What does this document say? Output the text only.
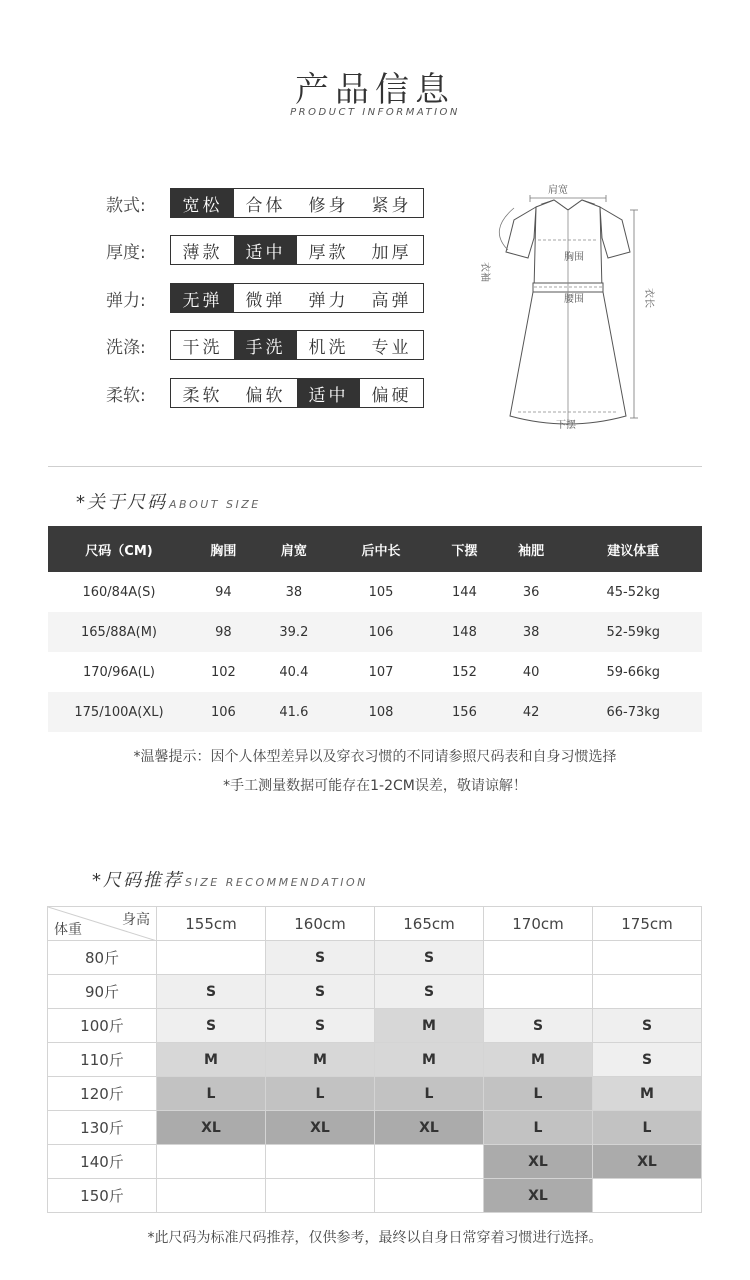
产品信息
PRODUCT INFORMATION
款式:	宽松	合体	修身	紧身
厚度:	薄款	适中	厚款	加厚
弹力:	无弹	微弹	弹力	高弹
洗涤:	干洗	手洗	机洗	专业
柔软:	柔软	偏软	适中	偏硬
肩宽
胸围
腰围
衣袖
衣长
下摆
*关于尺码 ABOUT SIZE
尺码（CM)	胸围	肩宽	后中长	下摆	袖肥	建议体重
160/84A(S)	94	38	105	144	36	45-52kg
165/88A(M)	98	39.2	106	148	38	52-59kg
170/96A(L)	102	40.4	107	152	40	59-66kg
175/100A(XL)	106	41.6	108	156	42	66-73kg
*温馨提示：因个人体型差异以及穿衣习惯的不同请参照尺码表和自身习惯选择
*手工测量数据可能存在1-2CM误差，敬请谅解！
*尺码推荐 SIZE RECOMMENDATION
身高
体重	155cm	160cm	165cm	170cm	175cm
80斤		S	S		
90斤	S	S	S		
100斤	S	S	M	S	S
110斤	M	M	M	M	S
120斤	L	L	L	L	M
130斤	XL	XL	XL	L	L
140斤				XL	XL
150斤				XL	
*此尺码为标准尺码推荐，仅供参考，最终以自身日常穿着习惯进行选择。
